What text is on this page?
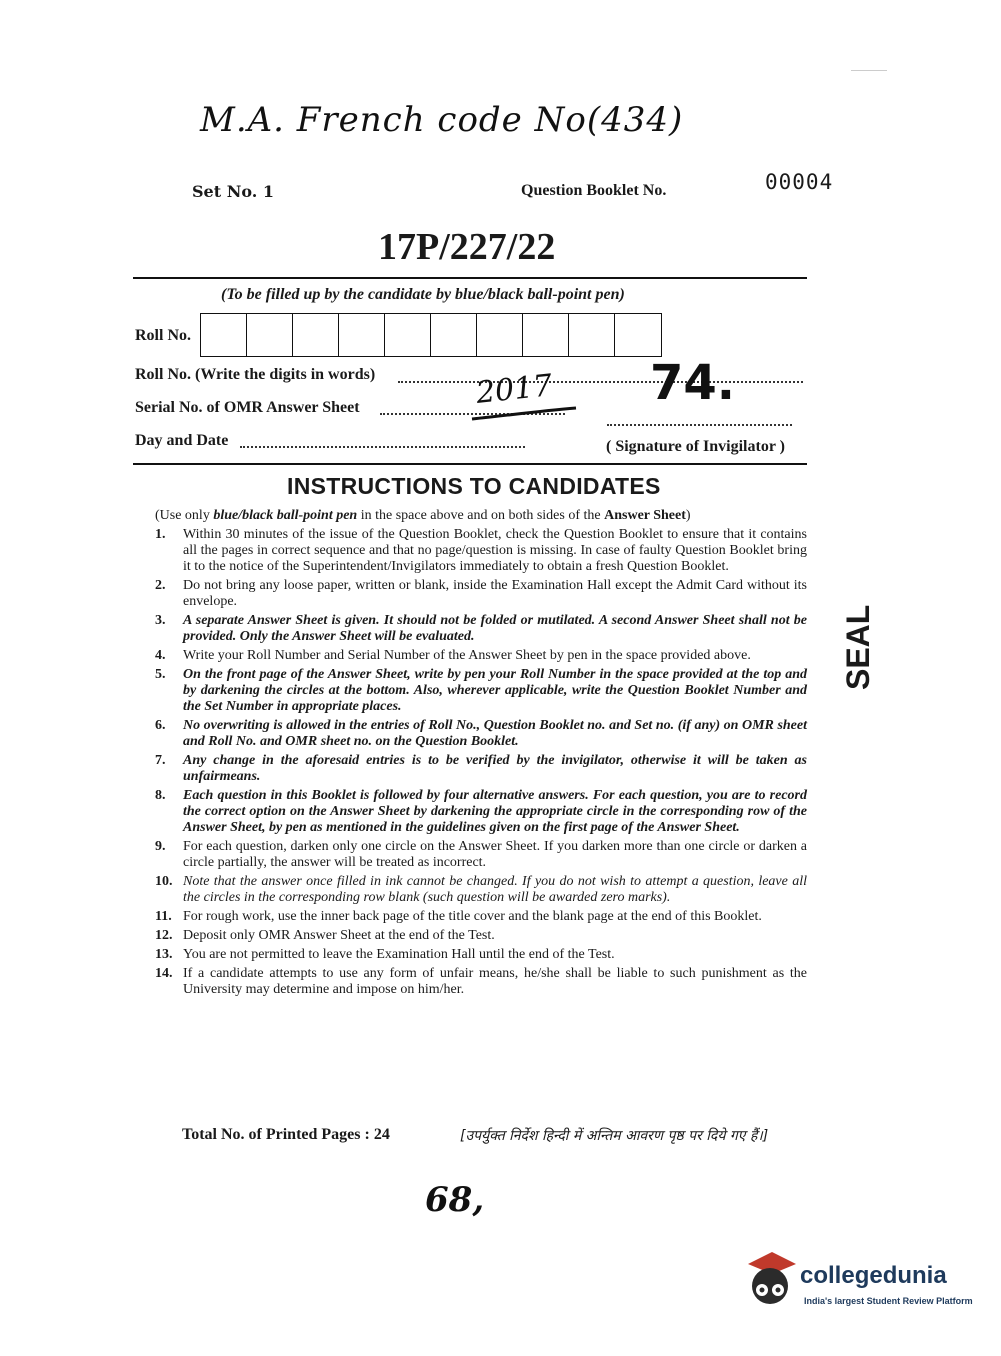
M.A. French code No(434)
Set No. 1	Question Booklet No.	00004
17P/227/22
(To be filled up by the candidate by blue/black ball-point pen)
Roll No.
Roll No. (Write the digits in words)
Serial No. of OMR Answer Sheet
Day and Date	( Signature of Invigilator )
2017 74.
INSTRUCTIONS TO CANDIDATES
(Use only blue/black ball-point pen in the space above and on both sides of the Answer Sheet)
1.	Within 30 minutes of the issue of the Question Booklet, check the Question Booklet to ensure that it contains all the pages in correct sequence and that no page/question is missing. In case of faulty Question Booklet bring it to the notice of the Superintendent/Invigilators immediately to obtain a fresh Question Booklet.
2.	Do not bring any loose paper, written or blank, inside the Examination Hall except the Admit Card without its envelope.
3.	A separate Answer Sheet is given. It should not be folded or mutilated. A second Answer Sheet shall not be provided. Only the Answer Sheet will be evaluated.
4.	Write your Roll Number and Serial Number of the Answer Sheet by pen in the space provided above.
5.	On the front page of the Answer Sheet, write by pen your Roll Number in the space provided at the top and by darkening the circles at the bottom. Also, wherever applicable, write the Question Booklet Number and the Set Number in appropriate places.
6.	No overwriting is allowed in the entries of Roll No., Question Booklet no. and Set no. (if any) on OMR sheet and Roll No. and OMR sheet no. on the Question Booklet.
7.	Any change in the aforesaid entries is to be verified by the invigilator, otherwise it will be taken as unfairmeans.
8.	Each question in this Booklet is followed by four alternative answers. For each question, you are to record the correct option on the Answer Sheet by darkening the appropriate circle in the corresponding row of the Answer Sheet, by pen as mentioned in the guidelines given on the first page of the Answer Sheet.
9.	For each question, darken only one circle on the Answer Sheet. If you darken more than one circle or darken a circle partially, the answer will be treated as incorrect.
10. Note that the answer once filled in ink cannot be changed. If you do not wish to attempt a question, leave all the circles in the corresponding row blank (such question will be awarded zero marks).
11. For rough work, use the inner back page of the title cover and the blank page at the end of this Booklet.
12. Deposit only OMR Answer Sheet at the end of the Test.
13. You are not permitted to leave the Examination Hall until the end of the Test.
14. If a candidate attempts to use any form of unfair means, he/she shall be liable to such punishment as the University may determine and impose on him/her.
Total No. of Printed Pages : 24	[उपर्युक्त निर्देश हिन्दी में अन्तिम आवरण पृष्ठ पर दिये गए हैं।]
SEAL
68,
collegedunia
India's largest Student Review Platform
